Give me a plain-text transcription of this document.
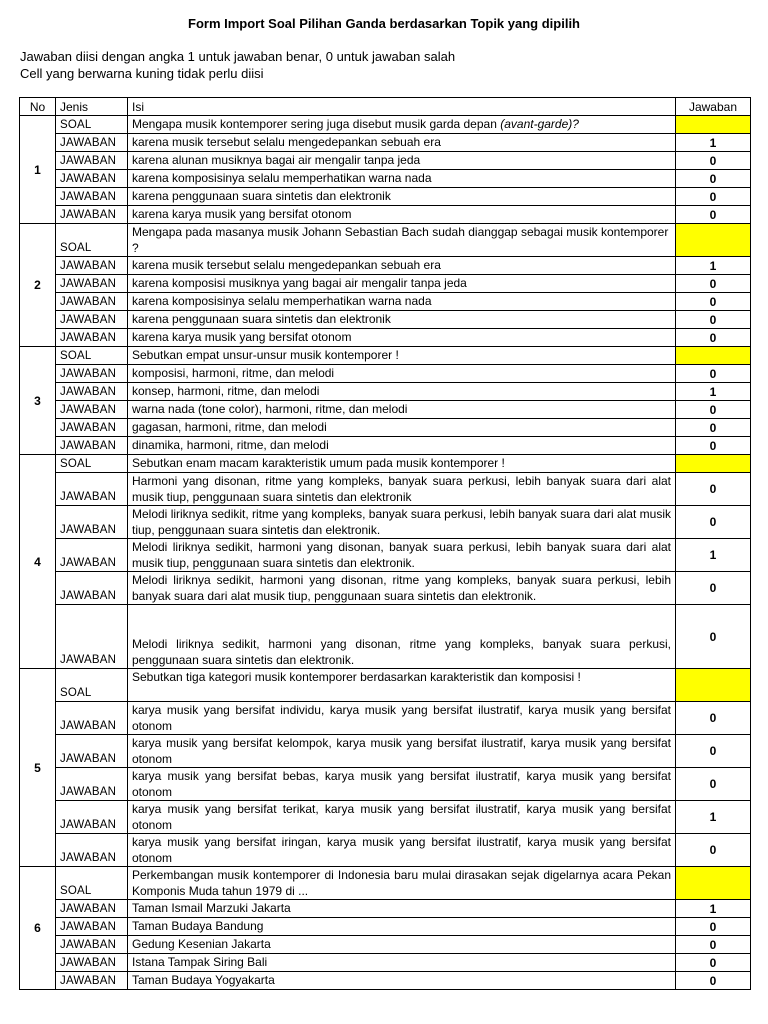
Form Import Soal Pilihan Ganda berdasarkan Topik yang dipilih
Jawaban diisi dengan angka 1 untuk jawaban benar, 0 untuk jawaban salah
Cell yang berwarna kuning tidak perlu diisi
No	Jenis	Isi	Jawaban
1	SOAL	Mengapa musik kontemporer sering juga disebut musik garda depan (avant-garde)?	
	JAWABAN	karena musik tersebut selalu mengedepankan sebuah era	1
	JAWABAN	karena alunan musiknya bagai air mengalir tanpa jeda	0
	JAWABAN	karena komposisinya selalu memperhatikan warna nada	0
	JAWABAN	karena penggunaan suara sintetis dan elektronik	0
	JAWABAN	karena karya musik yang bersifat otonom	0
2	SOAL	Mengapa pada masanya musik Johann Sebastian Bach sudah dianggap sebagai musik kontemporer ?	
	JAWABAN	karena musik tersebut selalu mengedepankan sebuah era	1
	JAWABAN	karena komposisi musiknya yang bagai air mengalir tanpa jeda	0
	JAWABAN	karena komposisinya selalu memperhatikan warna nada	0
	JAWABAN	karena penggunaan suara sintetis dan elektronik	0
	JAWABAN	karena karya musik yang bersifat otonom	0
3	SOAL	Sebutkan empat unsur-unsur musik kontemporer !	
	JAWABAN	komposisi, harmoni, ritme, dan melodi	0
	JAWABAN	konsep, harmoni, ritme, dan melodi	1
	JAWABAN	warna nada (tone color), harmoni, ritme, dan melodi	0
	JAWABAN	gagasan, harmoni, ritme, dan melodi	0
	JAWABAN	dinamika, harmoni, ritme, dan melodi	0
4	SOAL	Sebutkan enam macam karakteristik umum pada musik kontemporer !	
	JAWABAN	Harmoni yang disonan, ritme yang kompleks, banyak suara perkusi, lebih banyak suara dari alat musik tiup, penggunaan suara sintetis dan elektronik	0
	JAWABAN	Melodi liriknya sedikit, ritme yang kompleks, banyak suara perkusi, lebih banyak suara dari alat musik tiup, penggunaan suara sintetis dan elektronik.	0
	JAWABAN	Melodi liriknya sedikit, harmoni yang disonan, banyak suara perkusi, lebih banyak suara dari alat musik tiup, penggunaan suara sintetis dan elektronik.	1
	JAWABAN	Melodi liriknya sedikit, harmoni yang disonan, ritme yang kompleks, banyak suara perkusi, lebih banyak suara dari alat musik tiup, penggunaan suara sintetis dan elektronik.	0
	JAWABAN	Melodi liriknya sedikit, harmoni yang disonan, ritme yang kompleks, banyak suara perkusi, penggunaan suara sintetis dan elektronik.	0
5	SOAL	Sebutkan tiga kategori musik kontemporer berdasarkan karakteristik dan komposisi !	
	JAWABAN	karya musik yang bersifat individu, karya musik yang bersifat ilustratif, karya musik yang bersifat otonom	0
	JAWABAN	karya musik yang bersifat kelompok, karya musik yang bersifat ilustratif, karya musik yang bersifat otonom	0
	JAWABAN	karya musik yang bersifat bebas, karya musik yang bersifat ilustratif, karya musik yang bersifat otonom	0
	JAWABAN	karya musik yang bersifat terikat, karya musik yang bersifat ilustratif, karya musik yang bersifat otonom	1
	JAWABAN	karya musik yang bersifat iringan, karya musik yang bersifat ilustratif, karya musik yang bersifat otonom	0
6	SOAL	Perkembangan musik kontemporer di Indonesia baru mulai dirasakan sejak digelarnya acara Pekan Komponis Muda tahun 1979 di ...	
	JAWABAN	Taman Ismail Marzuki Jakarta	1
	JAWABAN	Taman Budaya Bandung	0
	JAWABAN	Gedung Kesenian Jakarta	0
	JAWABAN	Istana Tampak Siring Bali	0
	JAWABAN	Taman Budaya Yogyakarta	0
